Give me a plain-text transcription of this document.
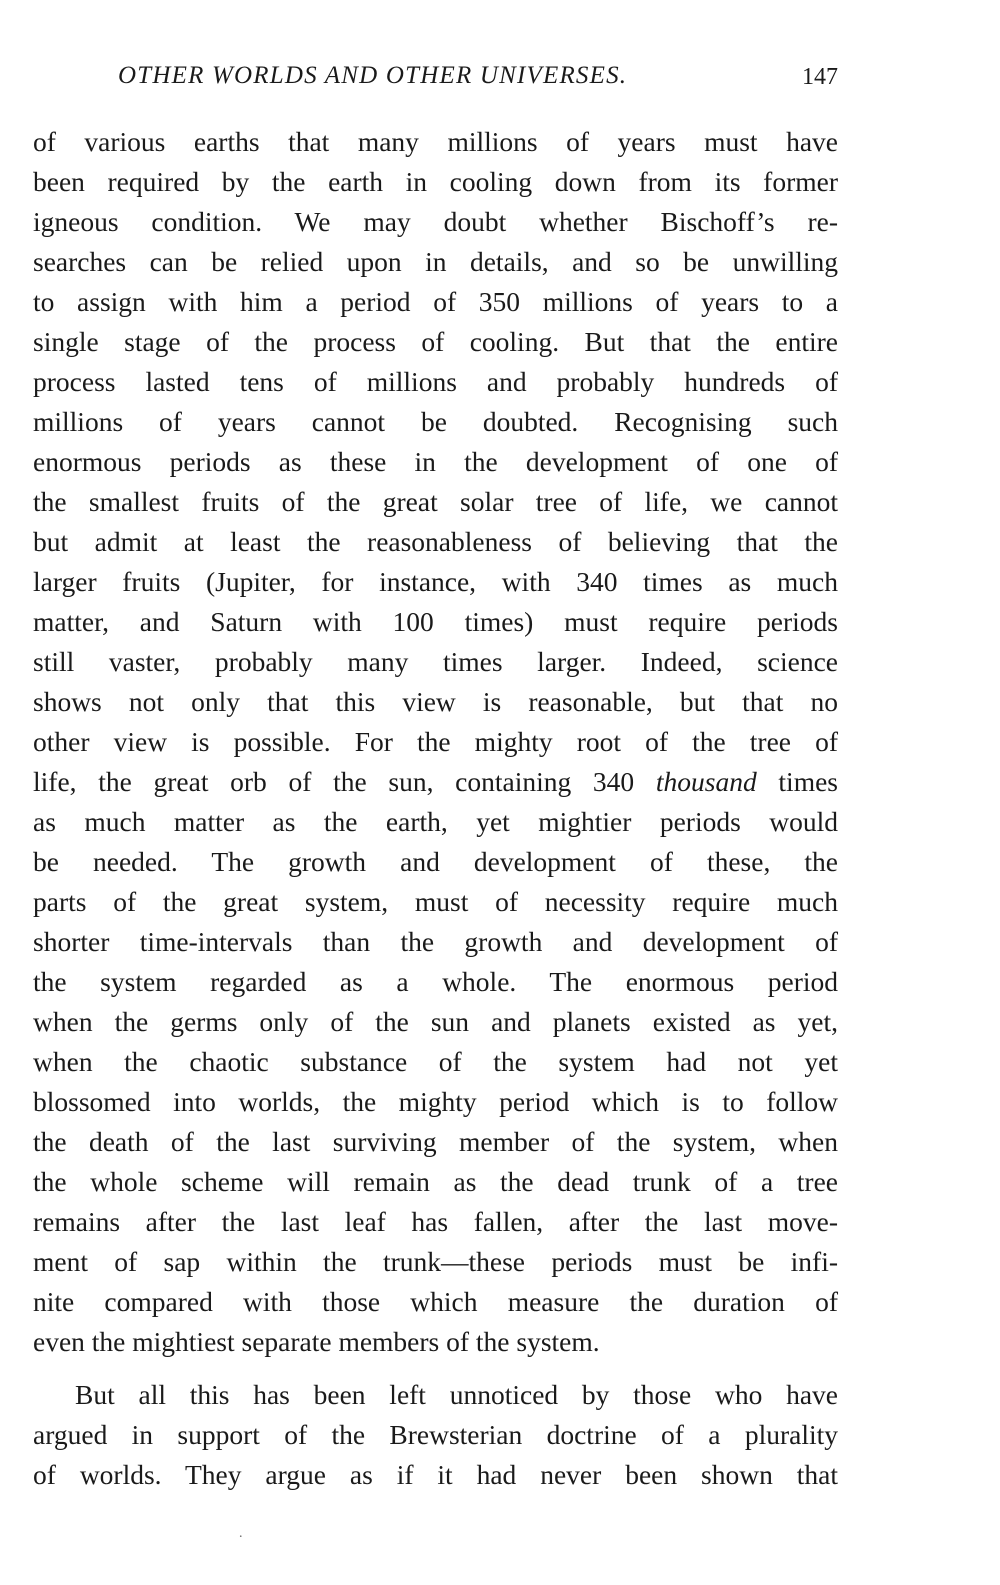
OTHER WORLDS AND OTHER UNIVERSES.	147
of various earths that many millions of years must have
been required by the earth in cooling down from its former
igneous condition. We may doubt whether Bischoff’s re-
searches can be relied upon in details, and so be unwilling
to assign with him a period of 350 millions of years to a
single stage of the process of cooling. But that the entire
process lasted tens of millions and probably hundreds of
millions of years cannot be doubted. Recognising such
enormous periods as these in the development of one of
the smallest fruits of the great solar tree of life, we cannot
but admit at least the reasonableness of believing that the
larger fruits (Jupiter, for instance, with 340 times as much
matter, and Saturn with 100 times) must require periods
still vaster, probably many times larger. Indeed, science
shows not only that this view is reasonable, but that no
other view is possible. For the mighty root of the tree of
life, the great orb of the sun, containing 340 thousand times
as much matter as the earth, yet mightier periods would
be needed. The growth and development of these, the
parts of the great system, must of necessity require much
shorter time-intervals than the growth and development of
the system regarded as a whole. The enormous period
when the germs only of the sun and planets existed as yet,
when the chaotic substance of the system had not yet
blossomed into worlds, the mighty period which is to follow
the death of the last surviving member of the system, when
the whole scheme will remain as the dead trunk of a tree
remains after the last leaf has fallen, after the last move-
ment of sap within the trunk—these periods must be infi-
nite compared with those which measure the duration of
even the mightiest separate members of the system.
But all this has been left unnoticed by those who have
argued in support of the Brewsterian doctrine of a plurality
of worlds. They argue as if it had never been shown that
.
